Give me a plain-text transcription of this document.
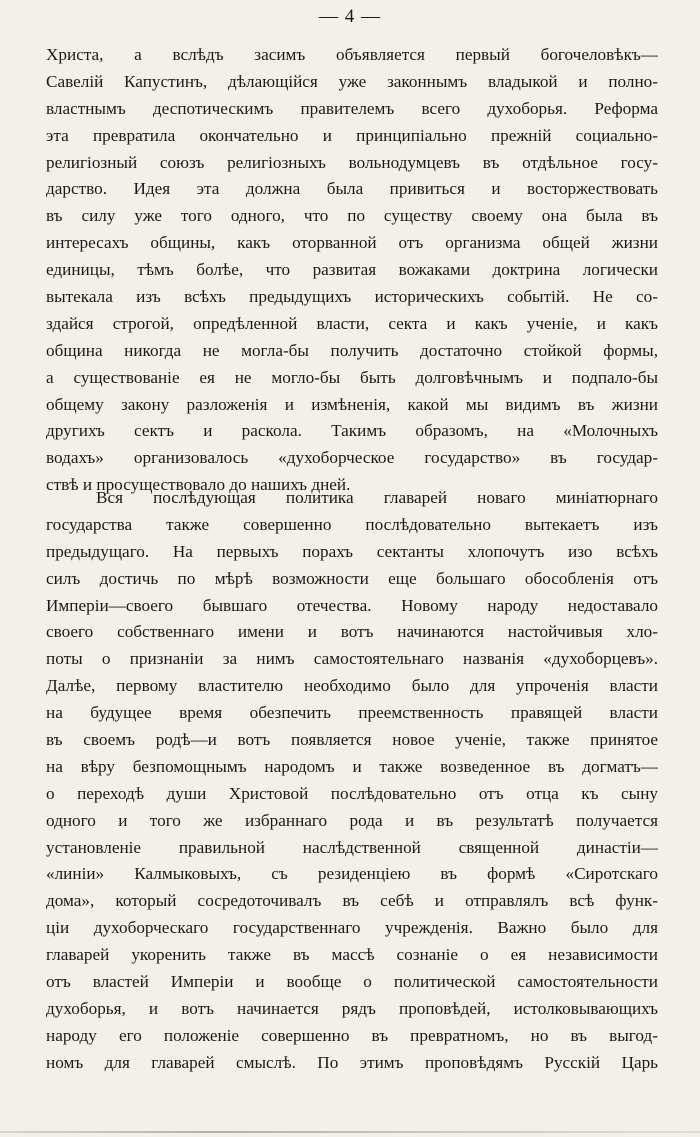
— 4 —
Христа, а вслѣдъ засимъ объявляется первый богочеловѣкъ—
Савелій Капустинъ, дѣлающійся уже законнымъ владыкой и полно-
властнымъ деспотическимъ правителемъ всего духоборья. Реформа
эта превратила окончательно и принципіально прежній социально-
религіозный союзъ религіозныхъ вольнодумцевъ въ отдѣльное госу-
дарство. Идея эта должна была привиться и восторжествовать
въ силу уже того одного, что по существу своему она была въ
интересахъ общины, какъ оторванной отъ организма общей жизни
единицы, тѣмъ болѣе, что развитая вожаками доктрина логически
вытекала изъ всѣхъ предыдущихъ историческихъ событій. Не со-
здайся строгой, опредѣленной власти, секта и какъ ученіе, и какъ
община никогда не могла-бы получить достаточно стойкой формы,
а существованіе ея не могло-бы быть долговѣчнымъ и подпало-бы
общему закону разложенія и измѣненія, какой мы видимъ въ жизни
другихъ сектъ и раскола. Такимъ образомъ, на «Молочныхъ
водахъ» организовалось «духоборческое государство» въ государ-
ствѣ и просуществовало до нашихъ дней.
Вся послѣдующая политика главарей новаго миніатюрнаго
государства также совершенно послѣдовательно вытекаетъ изъ
предыдущаго. На первыхъ порахъ сектанты хлопочутъ изо всѣхъ
силъ достичь по мѣрѣ возможности еще большаго обособленія отъ
Имперіи—своего бывшаго отечества. Новому народу недоставало
своего собственнаго имени и вотъ начинаются настойчивыя хло-
поты о признаніи за нимъ самостоятельнаго названія «духоборцевъ».
Далѣе, первому властителю необходимо было для упроченія власти
на будущее время обезпечить преемственность правящей власти
въ своемъ родѣ—и вотъ появляется новое ученіе, также принятое
на вѣру безпомощнымъ народомъ и также возведенное въ догматъ—
о переходѣ души Христовой послѣдовательно отъ отца къ сыну
одного и того же избраннаго рода и въ результатѣ получается
установленіе правильной наслѣдственной священной династіи—
«линіи» Калмыковыхъ, съ резиденціею въ формѣ «Сиротскаго
дома», который сосредоточивалъ въ себѣ и отправлялъ всѣ функ-
ціи духоборческаго государственнаго учрежденія. Важно было для
главарей укоренить также въ массѣ сознаніе о ея независимости
отъ властей Имперіи и вообще о политической самостоятельности
духоборья, и вотъ начинается рядъ проповѣдей, истолковывающихъ
народу его положеніе совершенно въ превратномъ, но въ выгод-
номъ для главарей смыслѣ. По этимъ проповѣдямъ Русскій Царь
